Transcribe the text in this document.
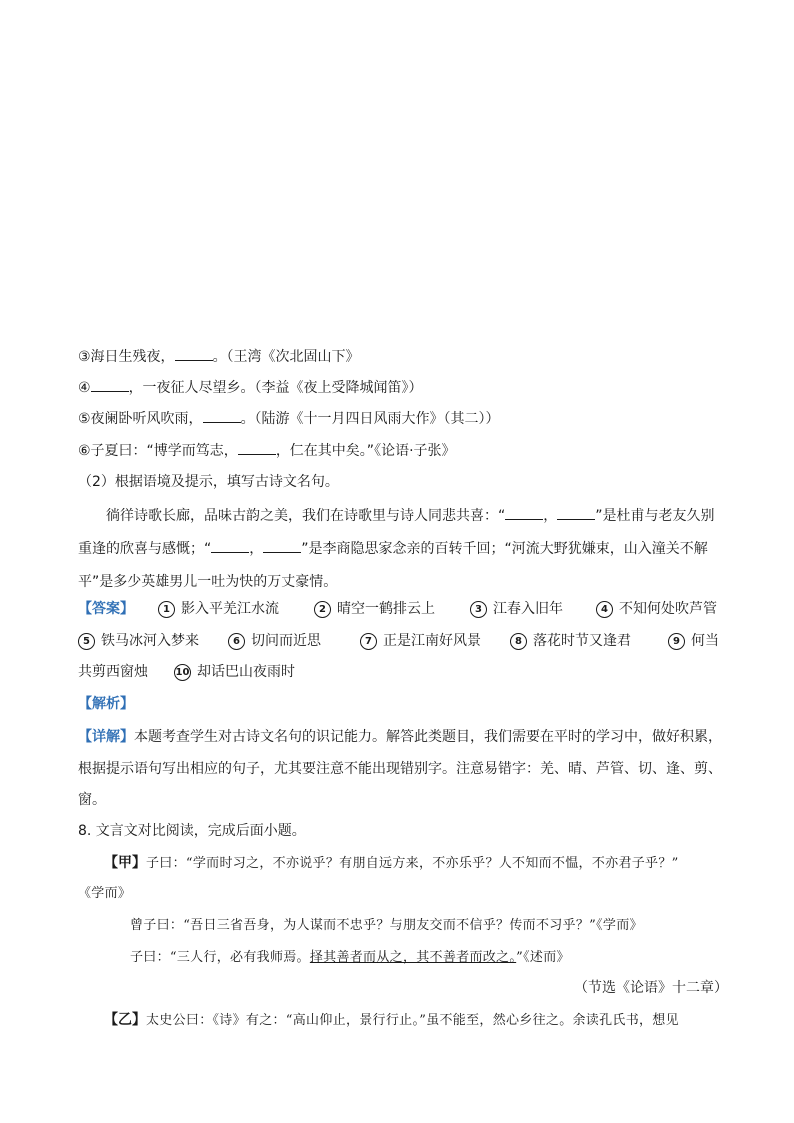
③海日生残夜，	。（王湾《次北固山下》
④	，一夜征人尽望乡。（李益《夜上受降城闻笛》）
⑤夜阑卧听风吹雨，	。（陆游《十一月四日风雨大作》（其二））
⑥子夏曰：“博学而笃志，	，仁在其中矣。”《论语·子张》
（2）根据语境及提示，填写古诗文名句。
徜徉诗歌长廊，品味古韵之美，我们在诗歌里与诗人同悲共喜：“	，	”是杜甫与老友久别
重逢的欣喜与感慨；“	，	”是李商隐思家念亲的百转千回；“河流大野犹嫌束，山入潼关不解
平”是多少英雄男儿一吐为快的万丈豪情。
【答案】	1 影入平羌江水流	2 晴空一鹤排云上	3 江春入旧年	4 不知何处吹芦管
5 铁马冰河入梦来	6 切问而近思	7 正是江南好风景	8 落花时节又逢君	9 何当
共剪西窗烛	10 却话巴山夜雨时
【解析】
【详解】本题考查学生对古诗文名句的识记能力。解答此类题目，我们需要在平时的学习中，做好积累，
根据提示语句写出相应的句子，尤其要注意不能出现错别字。注意易错字：羌、晴、芦管、切、逢、剪、
窗。
8. 文言文对比阅读，完成后面小题。
【甲】子曰：“学而时习之，不亦说乎？有朋自远方来，不亦乐乎？人不知而不愠，不亦君子乎？”
《学而》
曾子曰：“吾日三省吾身，为人谋而不忠乎？与朋友交而不信乎？传而不习乎？”《学而》
子曰：“三人行，必有我师焉。择其善者而从之，其不善者而改之。”《述而》
（节选《论语》十二章）
【乙】太史公曰：《诗》有之：“高山仰止，景行行止。”虽不能至，然心乡往之。余读孔氏书，想见
